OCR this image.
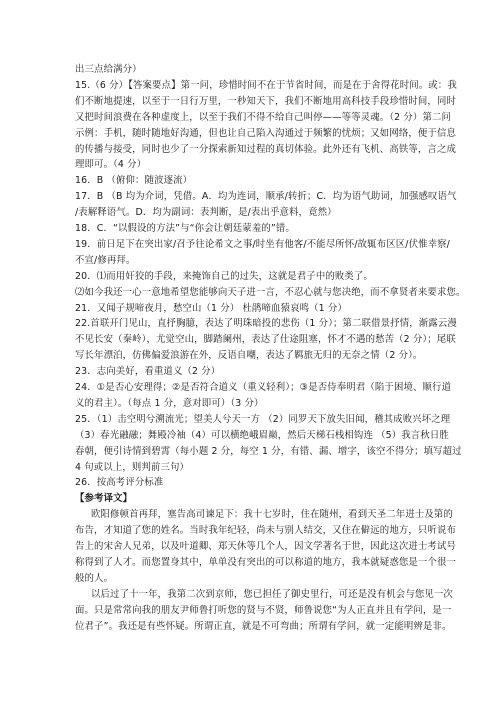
出三点给满分）
15.（6 分）【答案要点】第一问，珍惜时间不在于节省时间，而是在于舍得花时间。或：我
们不断地提速，以至于一日行万里，一秒知天下，我们不断地用高科技手段珍惜时间，同时
又把时间浪费在各种虚度上，以至于我们不得不给自己叫停——等等灵魂。（2 分）第二问
示例：手机，随时随地好沟通，但也让自己陷入沟通过于频繁的忧烦；又如网络，便于信息
的传播与接受，同时也少了一分探索新知过程的真切体验。此外还有飞机、高铁等，言之成
理即可。（4 分）
16．B （俯仰：随波逐流）
17．B （B 均为介词，凭借。A．均为连词，顺承/转折；C．均为语气助词，加强感叹语气
/表解释语气。D．均为副词：表判断，是/表出乎意料，竟然）
18．C．“以假设的方法”与“你会让朝廷蒙羞的”错。
19．前日足下在突出家/召予往论希文之事/时坐有他客/不能尽所怀/故辄布区区/伏惟幸察/
不宣/修再拜。
20．⑴而用奸狡的手段，来掩饰自己的过失，这就是君子中的败类了。
⑵如今我还一心一意地希望您能够向天子进一言，不忍心就与您决绝，而不拿贤者来要求您。
21．又闻子规啼夜月，愁空山（1 分） 杜鹃啼血猿哀鸣（1 分）
22.首联开门见山，直抒胸臆，表达了明珠暗投的悲伤（1 分）；第二联借景抒情，渐露云漫
不见长安（秦岭），尤觉空山，脚踏阑州，表达了仕途阻塞，怀才不遇的愁苦（2 分）；尾联
写长年漂泊，仿佛偏爱浪游在外，反语自嘲，表达了羁旅无归的无奈之情（2 分）。
23．志向美好，看重道义（2 分）
24．①是否心安理得；②是否符合道义（重义轻利）；③是否侍奉明君（陷于困境、顺行道
义的君主）。（每点 1 分，意对即可）（3 分）
25．（1）击空明兮溯流光；望美人兮天一方 （2）同罗天下放失旧闻，稽其成败兴坏之理
（3）春光融融；舞殿冷袖（4）可以横绝峨眉巅，然后天梯石栈相钩连 （5）我言秋日胜
春朝，便引诗情到碧霄（每小题 2 分，每空 1 分，有错、漏、增字，该空不得分；填写超过
4 句或以上，则判前三句）
26．按高考评分标准
【参考译文】
欧阳修顿首再拜，塞告高司谏足下：我十七岁时，住在随州，看到天圣二年进士及第的
布告，才知道了您的姓名。当时我年纪轻，尚未与别人结交，又住在僻远的地方，只听说布
告上的宋舍人兄弟，以及叶道卿、郑天休等几个人，因文学著名于世，因此这次进士考试号
称得到了人才。而您置身其中，单单没有突出的可以称道的地方，我本就疑惑您是一个很一
般的人。
以后过了十一年，我第二次到京师，您已担任了御史里行，可还是没有机会与您见一次
面。只是常常向我的朋友尹师鲁打听您的贤与不贤，师鲁说您“为人正直并且有学问，是一
位君子”。我还是有些怀疑。所谓正直，就是不可弯曲；所谓有学问，就一定能明辨是非。
